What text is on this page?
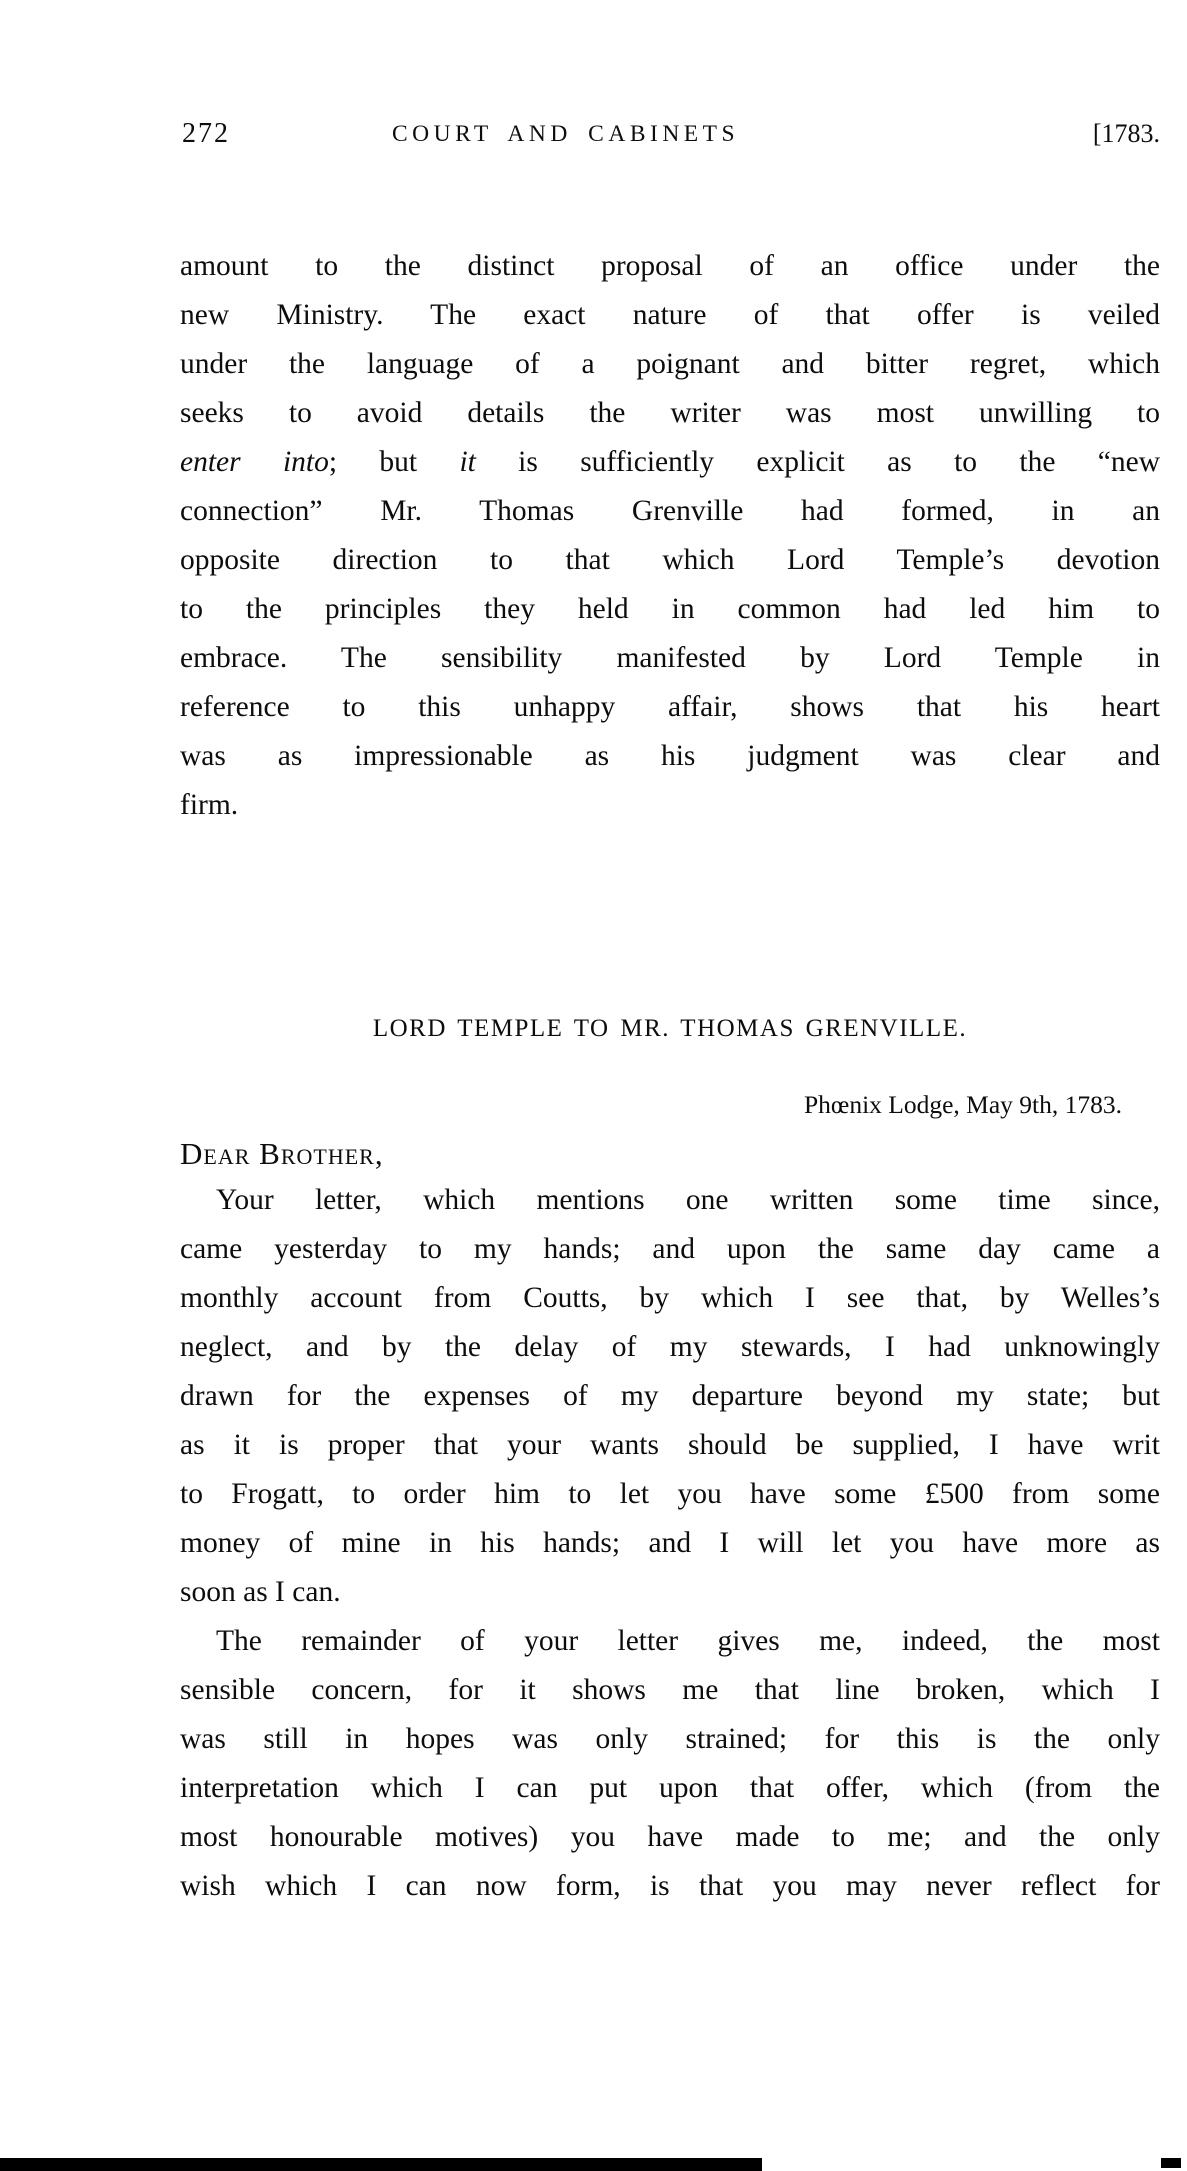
272	COURT AND CABINETS	[1783.
amount to the distinct proposal of an office under the
new Ministry. The exact nature of that offer is veiled
under the language of a poignant and bitter regret, which
seeks to avoid details the writer was most unwilling to
enter into; but it is sufficiently explicit as to the “new
connection” Mr. Thomas Grenville had formed, in an
opposite direction to that which Lord Temple’s devotion
to the principles they held in common had led him to
embrace. The sensibility manifested by Lord Temple in
reference to this unhappy affair, shows that his heart
was as impressionable as his judgment was clear and
firm.
LORD TEMPLE TO MR. THOMAS GRENVILLE.
Phœnix Lodge, May 9th, 1783.
Dear Brother,
Your letter, which mentions one written some time since,
came yesterday to my hands; and upon the same day came a
monthly account from Coutts, by which I see that, by Welles’s
neglect, and by the delay of my stewards, I had unknowingly
drawn for the expenses of my departure beyond my state; but
as it is proper that your wants should be supplied, I have writ
to Frogatt, to order him to let you have some £500 from some
money of mine in his hands; and I will let you have more as
soon as I can.
The remainder of your letter gives me, indeed, the most
sensible concern, for it shows me that line broken, which I
was still in hopes was only strained; for this is the only
interpretation which I can put upon that offer, which (from the
most honourable motives) you have made to me; and the only
wish which I can now form, is that you may never reflect for
